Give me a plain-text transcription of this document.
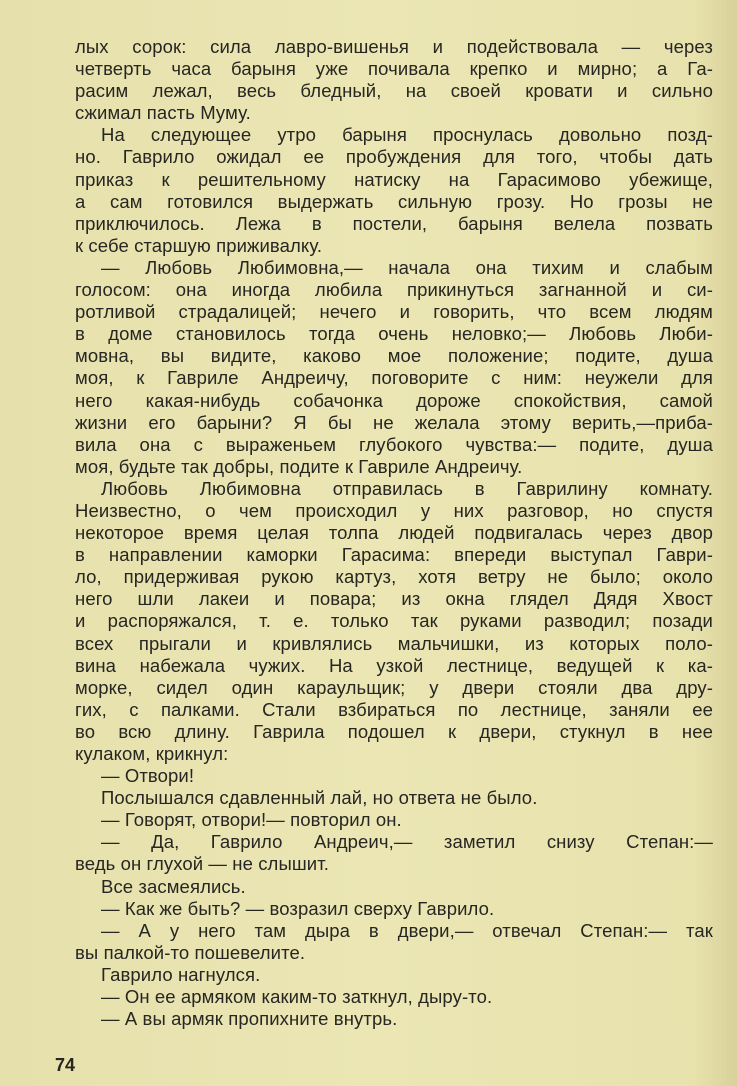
лых сорок: сила лавро-вишенья и подействовала — через
четверть часа барыня уже почивала крепко и мирно; а Га-
расим лежал, весь бледный, на своей кровати и сильно
сжимал пасть Муму.
На следующее утро барыня проснулась довольно позд-
но. Гаврило ожидал ее пробуждения для того, чтобы дать
приказ к решительному натиску на Гарасимово убежище,
а сам готовился выдержать сильную грозу. Но грозы не
приключилось. Лежа в постели, барыня велела позвать
к себе старшую приживалку.
— Любовь Любимовна,— начала она тихим и слабым
голосом: она иногда любила прикинуться загнанной и си-
ротливой страдалицей; нечего и говорить, что всем людям
в доме становилось тогда очень неловко;— Любовь Люби-
мовна, вы видите, каково мое положение; подите, душа
моя, к Гавриле Андреичу, поговорите с ним: неужели для
него какая-нибудь собачонка дороже спокойствия, самой
жизни его барыни? Я бы не желала этому верить,—приба-
вила она с выраженьем глубокого чувства:— подите, душа
моя, будьте так добры, подите к Гавриле Андреичу.
Любовь Любимовна отправилась в Гаврилину комнату.
Неизвестно, о чем происходил у них разговор, но спустя
некоторое время целая толпа людей подвигалась через двор
в направлении каморки Гарасима: впереди выступал Гаври-
ло, придерживая рукою картуз, хотя ветру не было; около
него шли лакеи и повара; из окна глядел Дядя Хвост
и распоряжался, т. е. только так руками разводил; позади
всех прыгали и кривлялись мальчишки, из которых поло-
вина набежала чужих. На узкой лестнице, ведущей к ка-
морке, сидел один караульщик; у двери стояли два дру-
гих, с палками. Стали взбираться по лестнице, заняли ее
во всю длину. Гаврила подошел к двери, стукнул в нее
кулаком, крикнул:
— Отвори!
Послышался сдавленный лай, но ответа не было.
— Говорят, отвори!— повторил он.
— Да, Гаврило Андреич,— заметил снизу Степан:—
ведь он глухой — не слышит.
Все засмеялись.
— Как же быть? — возразил сверху Гаврило.
— А у него там дыра в двери,— отвечал Степан:— так
вы палкой-то пошевелите.
Гаврило нагнулся.
— Он ее армяком каким-то заткнул, дыру-то.
— А вы армяк пропихните внутрь.
74
